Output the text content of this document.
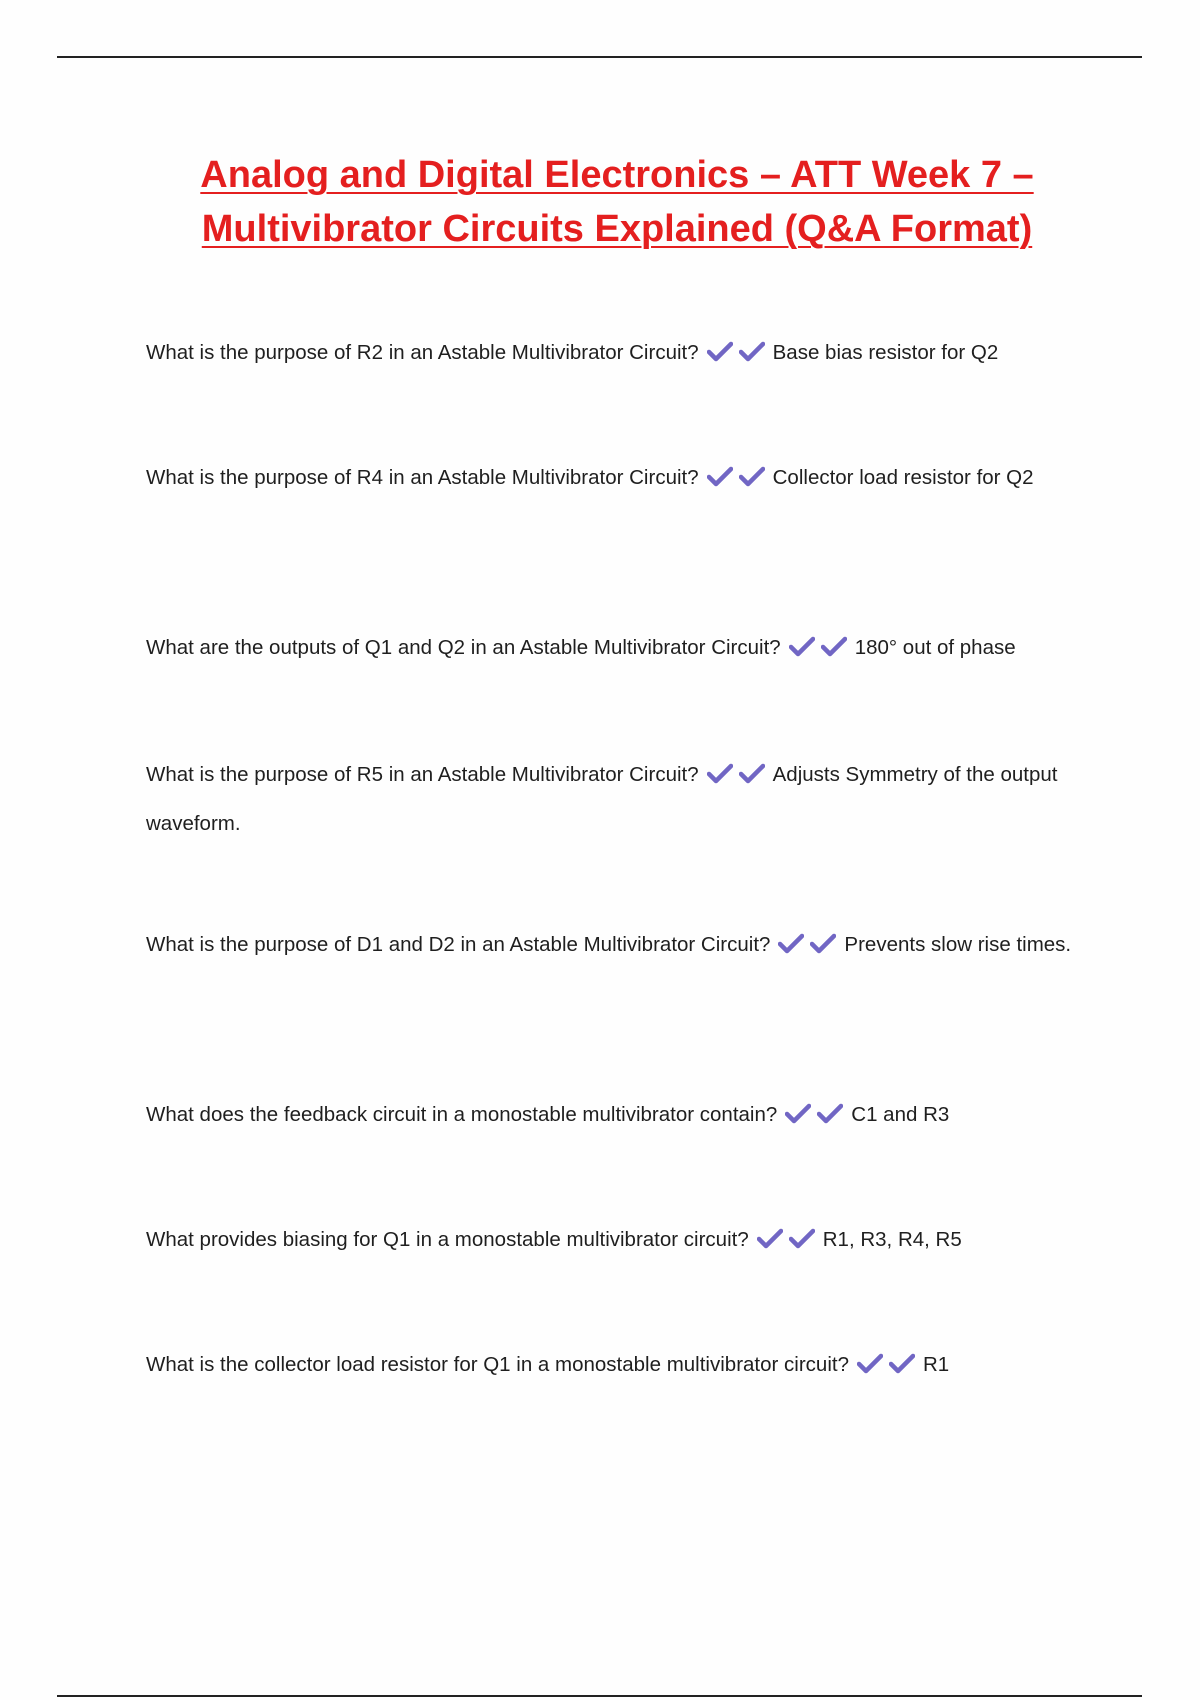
Analog and Digital Electronics – ATT Week 7 –
Multivibrator Circuits Explained (Q&A Format)
What is the purpose of R2 in an Astable Multivibrator Circuit?	Base bias resistor for Q2
What is the purpose of R4 in an Astable Multivibrator Circuit?	Collector load resistor for Q2
What are the outputs of Q1 and Q2 in an Astable Multivibrator Circuit?	180° out of phase
What is the purpose of R5 in an Astable Multivibrator Circuit?	Adjusts Symmetry of the output waveform.
What is the purpose of D1 and D2 in an Astable Multivibrator Circuit?	Prevents slow rise times.
What does the feedback circuit in a monostable multivibrator contain?	C1 and R3
What provides biasing for Q1 in a monostable multivibrator circuit?	R1, R3, R4, R5
What is the collector load resistor for Q1 in a monostable multivibrator circuit?	R1
